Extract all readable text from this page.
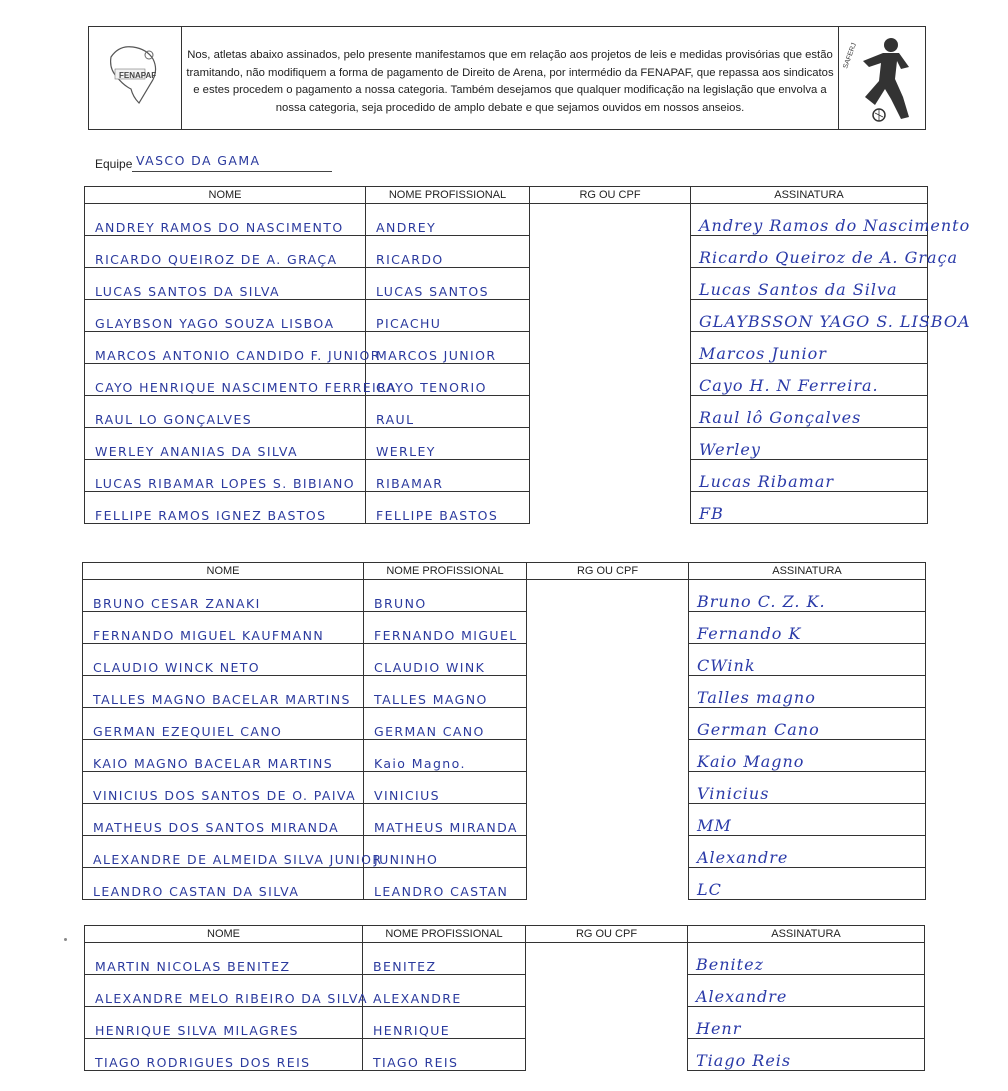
FENAPAF
Nos, atletas abaixo assinados, pelo presente manifestamos que em relação aos projetos de leis e medidas provisórias que estão tramitando, não modifiquem a forma de pagamento de Direito de Arena, por intermédio da FENAPAF, que repassa aos sindicatos e estes procedem o pagamento a nossa categoria. Também desejamos que qualquer modificação na legislação que envolva a nossa categoria, seja procedido de amplo debate e que sejamos ouvidos em nossos anseios.
SAFERJ
Equipe VASCO DA GAMA
NOME	NOME PROFISSIONAL	RG OU CPF	ASSINATURA
ANDREY RAMOS DO NASCIMENTO	ANDREY		Andrey Ramos do Nascimento
RICARDO QUEIROZ DE A. GRAÇA	RICARDO		Ricardo Queiroz de A. Graça
LUCAS SANTOS DA SILVA	LUCAS SANTOS		Lucas Santos da Silva
GLAYBSON YAGO SOUZA LISBOA	PICACHU		GLAYBSSON YAGO S. LISBOA
MARCOS ANTONIO CANDIDO F. JUNIOR	MARCOS JUNIOR		Marcos Junior
CAYO HENRIQUE NASCIMENTO FERREIRA	CAYO TENORIO		Cayo H. N Ferreira.
RAUL LO GONÇALVES	RAUL		Raul lô Gonçalves
WERLEY ANANIAS DA SILVA	WERLEY		Werley
LUCAS RIBAMAR LOPES S. BIBIANO	RIBAMAR		Lucas Ribamar
FELLIPE RAMOS IGNEZ BASTOS	FELLIPE BASTOS		FB
NOME	NOME PROFISSIONAL	RG OU CPF	ASSINATURA
BRUNO CESAR ZANAKI	BRUNO		Bruno C. Z. K.
FERNANDO MIGUEL KAUFMANN	FERNANDO MIGUEL		Fernando K
CLAUDIO WINCK NETO	CLAUDIO WINK		CWink
TALLES MAGNO BACELAR MARTINS	TALLES MAGNO		Talles magno
GERMAN EZEQUIEL CANO	GERMAN CANO		German Cano
KAIO MAGNO BACELAR MARTINS	Kaio Magno.		Kaio Magno
VINICIUS DOS SANTOS DE O. PAIVA	VINICIUS		Vinicius
MATHEUS DOS SANTOS MIRANDA	MATHEUS MIRANDA		MM
ALEXANDRE DE ALMEIDA SILVA JUNIOR	JUNINHO		Alexandre
LEANDRO CASTAN DA SILVA	LEANDRO CASTAN		LC
NOME	NOME PROFISSIONAL	RG OU CPF	ASSINATURA
MARTIN NICOLAS BENITEZ	BENITEZ		Benitez
ALEXANDRE MELO RIBEIRO DA SILVA	ALEXANDRE		Alexandre
HENRIQUE SILVA MILAGRES	HENRIQUE		Henr
TIAGO RODRIGUES DOS REIS	TIAGO REIS		Tiago Reis
